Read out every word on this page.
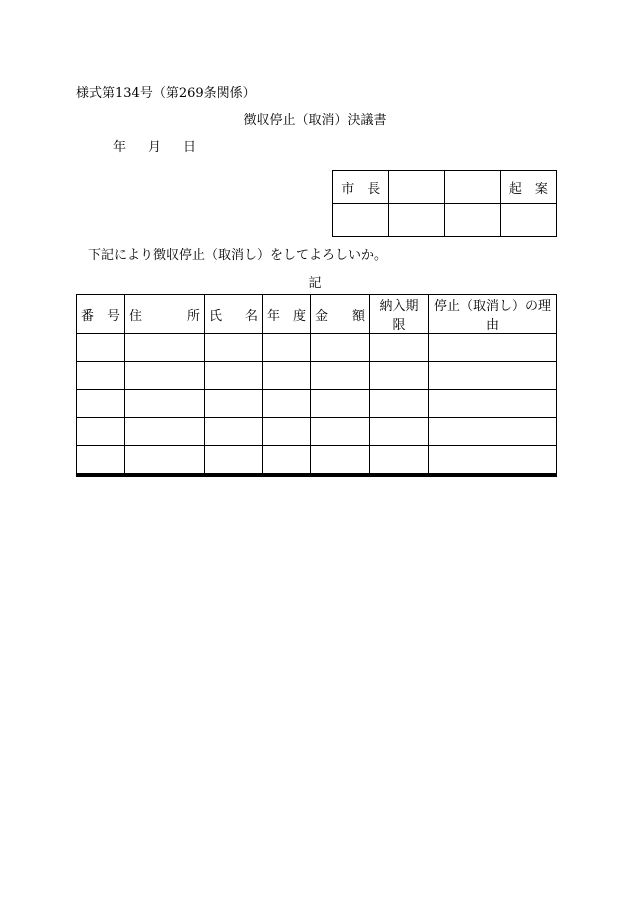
様式第134号（第269条関係）
徴収停止（取消）決議書
年 月 日
市　長			起　案

下記により徴収停止（取消し）をしてよろしいか。
記
番 号	住 所	氏 名	年 度	金 額	納入期限	停止（取消し）の理由
